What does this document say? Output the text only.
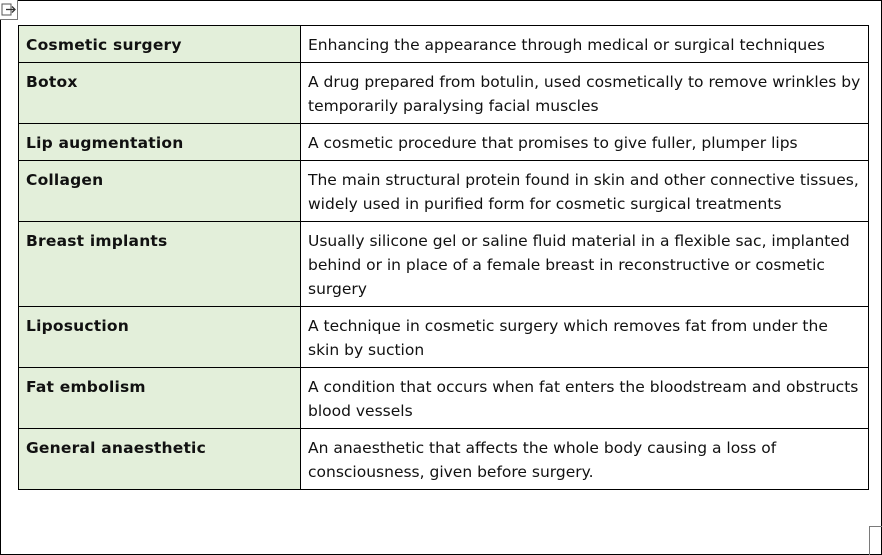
Cosmetic surgery	Enhancing the appearance through medical or surgical techniques
Botox	A drug prepared from botulin, used cosmetically to remove wrinkles by temporarily paralysing facial muscles
Lip augmentation	A cosmetic procedure that promises to give fuller, plumper lips
Collagen	The main structural protein found in skin and other connective tissues, widely used in purified form for cosmetic surgical treatments
Breast implants	Usually silicone gel or saline fluid material in a flexible sac, implanted behind or in place of a female breast in reconstructive or cosmetic surgery
Liposuction	A technique in cosmetic surgery which removes fat from under the skin by suction
Fat embolism	A condition that occurs when fat enters the bloodstream and obstructs blood vessels
General anaesthetic	An anaesthetic that affects the whole body causing a loss of consciousness, given before surgery.
